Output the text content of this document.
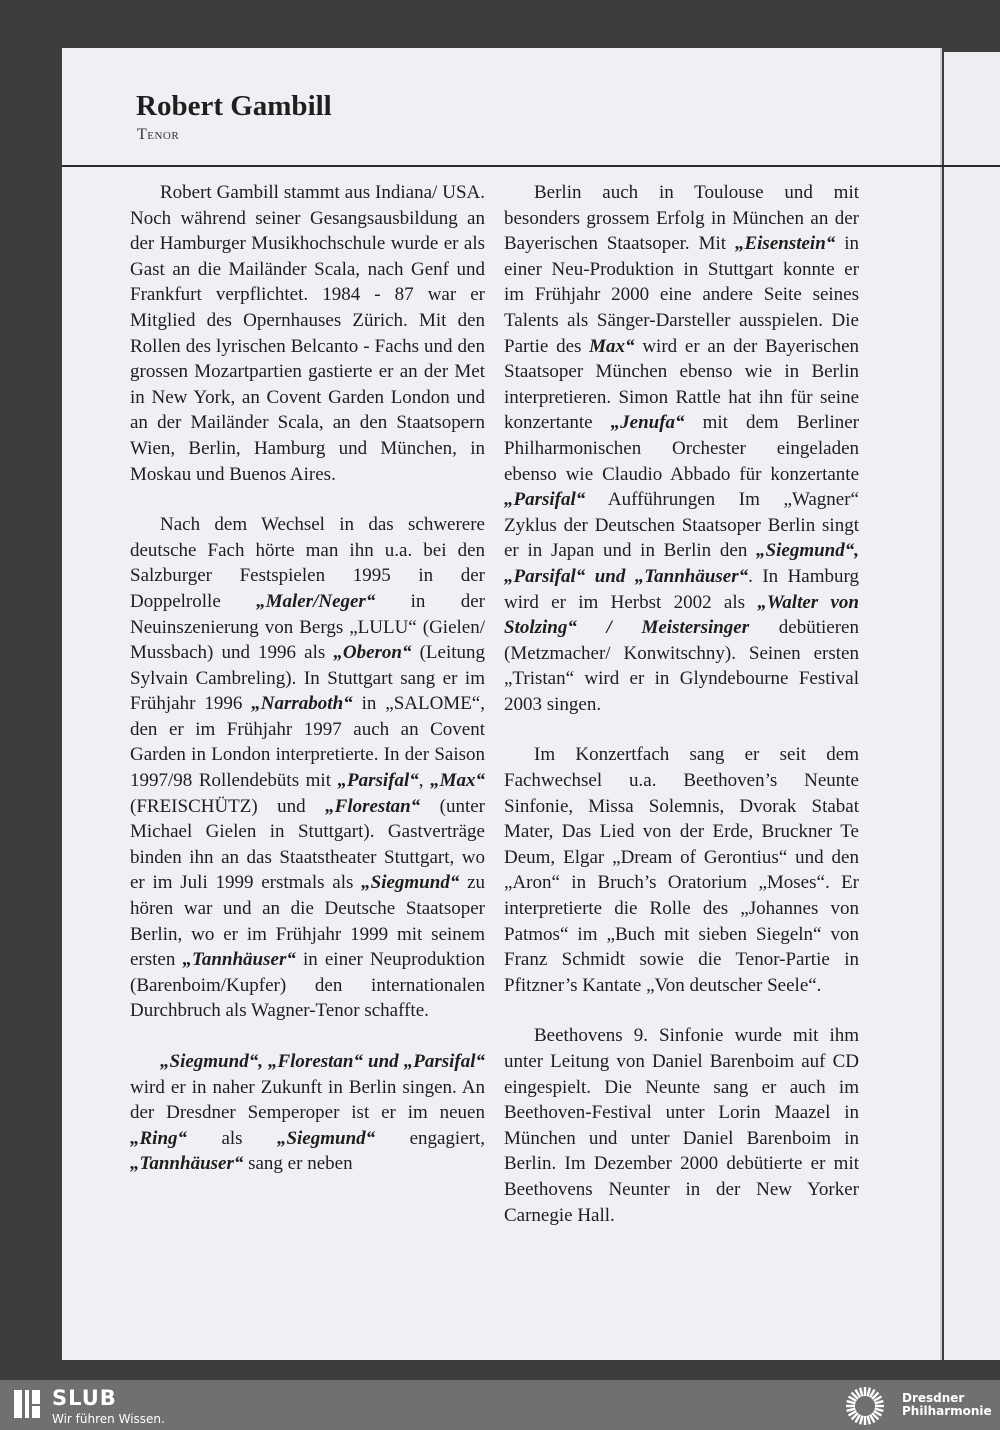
Robert Gambill
Tenor

Robert Gambill stammt aus Indiana/ USA. Noch während seiner Gesangsausbildung an der Hamburger Musikhochschule wurde er als Gast an die Mailänder Scala, nach Genf und Frankfurt verpflichtet. 1984 - 87 war er Mitglied des Opernhauses Zürich. Mit den Rollen des lyrischen Belcanto - Fachs und den grossen Mozartpartien gastierte er an der Met in New York, an Covent Garden London und an der Mailänder Scala, an den Staatsopern Wien, Berlin, Hamburg und München, in Moskau und Buenos Aires.

Nach dem Wechsel in das schwerere deutsche Fach hörte man ihn u.a. bei den Salzburger Festspielen 1995 in der Doppelrolle „Maler/Neger“ in der Neuinszenierung von Bergs „LULU“ (Gielen/ Mussbach) und 1996 als „Oberon“ (Leitung Sylvain Cambreling). In Stuttgart sang er im Frühjahr 1996 „Narraboth“ in „SALOME“, den er im Frühjahr 1997 auch an Covent Garden in London interpretierte. In der Saison 1997/98 Rollendebüts mit „Parsifal“, „Max“ (FREISCHÜTZ) und „Florestan“ (unter Michael Gielen in Stuttgart). Gastverträge binden ihn an das Staatstheater Stuttgart, wo er im Juli 1999 erstmals als „Siegmund“ zu hören war und an die Deutsche Staatsoper Berlin, wo er im Frühjahr 1999 mit seinem ersten „Tannhäuser“ in einer Neuproduktion (Barenboim/Kupfer) den internationalen Durchbruch als Wagner-Tenor schaffte.

„Siegmund“, „Florestan“ und „Parsifal“ wird er in naher Zukunft in Berlin singen. An der Dresdner Semperoper ist er im neuen „Ring“ als „Siegmund“ engagiert, „Tannhäuser“ sang er neben

Berlin auch in Toulouse und mit besonders grossem Erfolg in München an der Bayerischen Staatsoper. Mit „Eisenstein“ in einer Neu-Produktion in Stuttgart konnte er im Frühjahr 2000 eine andere Seite seines Talents als Sänger-Darsteller ausspielen. Die Partie des Max“ wird er an der Bayerischen Staatsoper München ebenso wie in Berlin interpretieren. Simon Rattle hat ihn für seine konzertante „Jenufa“ mit dem Berliner Philharmonischen Orchester eingeladen ebenso wie Claudio Abbado für konzertante „Parsifal“ Aufführungen Im „Wagner“ Zyklus der Deutschen Staatsoper Berlin singt er in Japan und in Berlin den „Siegmund“, „Parsifal“ und „Tannhäuser“. In Hamburg wird er im Herbst 2002 als „Walter von Stolzing“ / Meistersinger debütieren (Metzmacher/ Konwitschny). Seinen ersten „Tristan“ wird er in Glyndebourne Festival 2003 singen.

Im Konzertfach sang er seit dem Fachwechsel u.a. Beethoven’s Neunte Sinfonie, Missa Solemnis, Dvorak Stabat Mater, Das Lied von der Erde, Bruckner Te Deum, Elgar „Dream of Gerontius“ und den „Aron“ in Bruch’s Oratorium „Moses“. Er interpretierte die Rolle des „Johannes von Patmos“ im „Buch mit sieben Siegeln“ von Franz Schmidt sowie die Tenor-Partie in Pfitzner’s Kantate „Von deutscher Seele“.

Beethovens 9. Sinfonie wurde mit ihm unter Leitung von Daniel Barenboim auf CD eingespielt. Die Neunte sang er auch im Beethoven-Festival unter Lorin Maazel in München und unter Daniel Barenboim in Berlin. Im Dezember 2000 debütierte er mit Beethovens Neunter in der New Yorker Carnegie Hall.

SLUB
Wir führen Wissen.
Dresdner
Philharmonie
